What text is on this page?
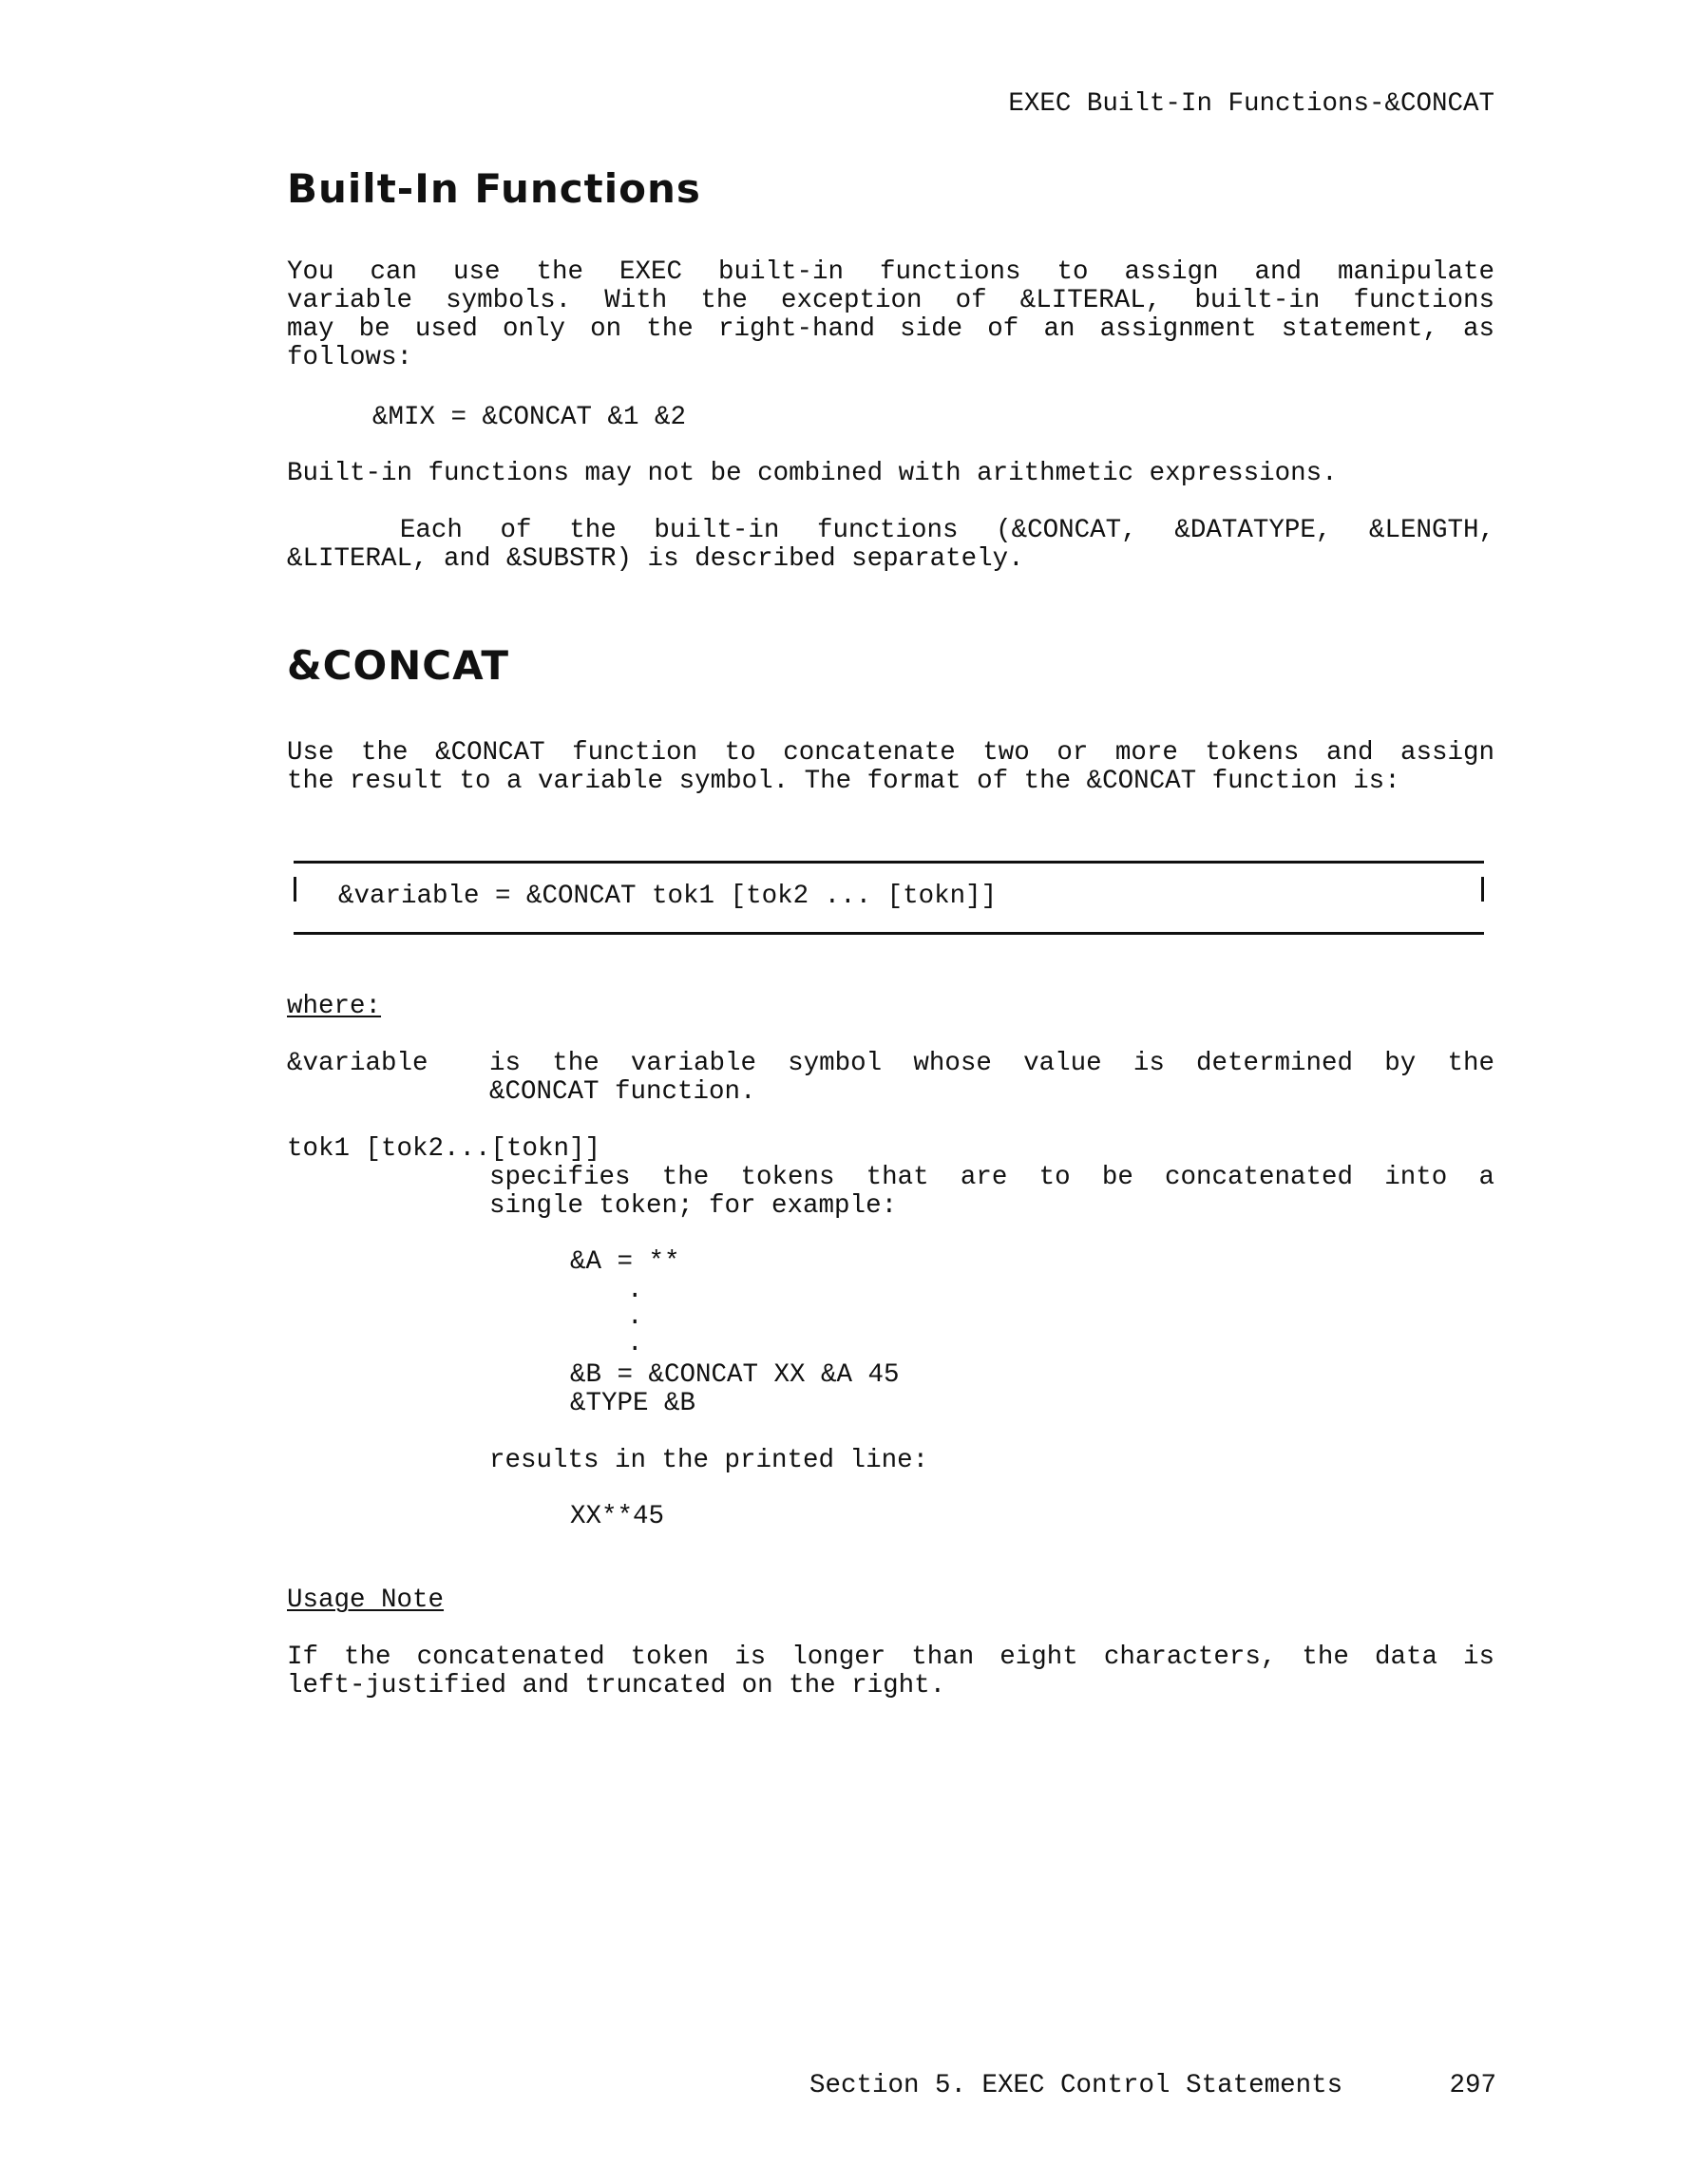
EXEC Built-In Functions-&CONCAT
Built-In Functions
You can use the EXEC built-in functions to assign and manipulate
variable symbols. With the exception of &LITERAL, built-in functions
may be used only on the right-hand side of an assignment statement, as
follows:
&MIX = &CONCAT &1 &2
Built-in functions may not be combined with arithmetic expressions.
Each of the built-in functions (&CONCAT, &DATATYPE, &LENGTH,
&LITERAL, and &SUBSTR) is described separately.
&CONCAT
Use the &CONCAT function to concatenate two or more tokens and assign
the result to a variable symbol. The format of the &CONCAT function is:
&variable = &CONCAT tok1 [tok2 ... [tokn]]
where:
&variable is the variable symbol whose value is determined by the
&CONCAT function.
tok1 [tok2...[tokn]]
specifies the tokens that are to be concatenated into a
single token; for example:
&A = **
.
.
.
&B = &CONCAT XX &A 45
&TYPE &B
results in the printed line:
XX**45
Usage Note
If the concatenated token is longer than eight characters, the data is
left-justified and truncated on the right.
Section 5. EXEC Control Statements	297
